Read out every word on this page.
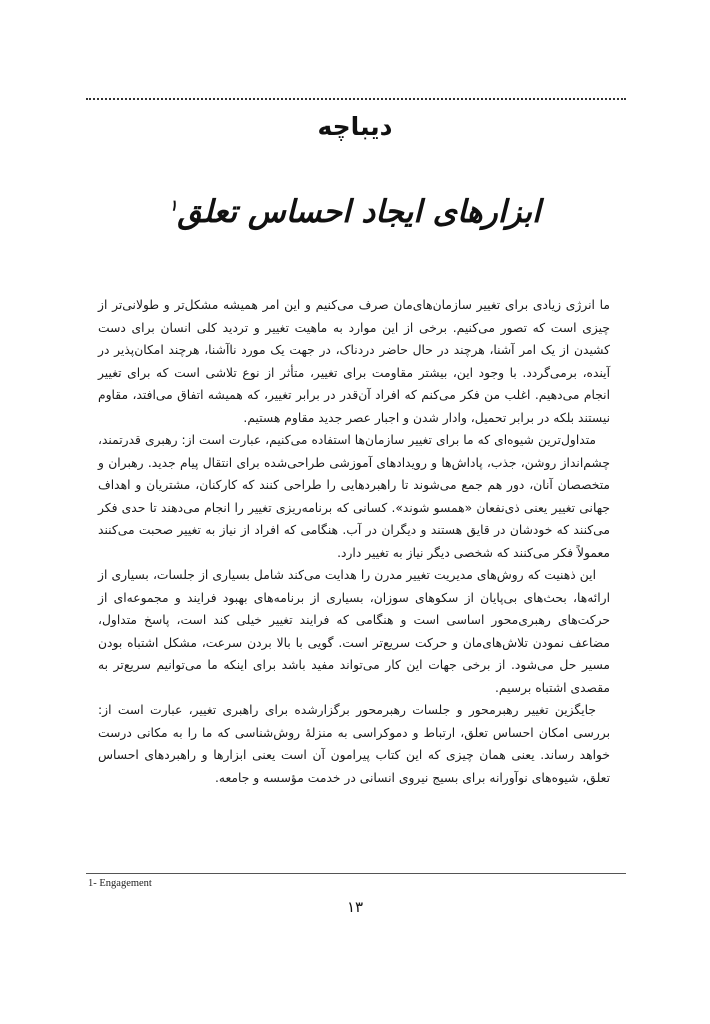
دیباچه
ابزارهای ایجاد احساس تعلق$^۱$

ما انرژی زیادی برای تغییر سازمان‌های‌مان صرف می‌کنیم و این امر همیشه مشکل‌تر و طولانی‌تر از چیزی است که تصور می‌کنیم. برخی از این موارد به ماهیت تغییر و تردید کلی انسان برای دست کشیدن از یک امر آشنا، هرچند در حال حاضر دردناک، در جهت یک مورد ناآشنا، هرچند امکان‌پذیر در آینده، برمی‌گردد. با وجود این، بیشتر مقاومت برای تغییر، متأثر از نوع تلاشی است که برای تغییر انجام می‌دهیم. اغلب من فکر می‌کنم که افراد آن‌قدر در برابر تغییر، که همیشه اتفاق می‌افتد، مقاوم نیستند بلکه در برابر تحمیل، وادار شدن و اجبار عصر جدید مقاوم هستیم.

متداول‌ترین شیوه‌ای که ما برای تغییر سازمان‌ها استفاده می‌کنیم، عبارت است از: رهبری قدرتمند، چشم‌انداز روشن، جذب، پاداش‌ها و رویدادهای آموزشی طراحی‌شده برای انتقال پیام جدید. رهبران و متخصصان آنان، دور هم جمع می‌شوند تا راهبردهایی را طراحی کنند که کارکنان، مشتریان و اهداف جهانی تغییر یعنی ذی‌نفعان «همسو شوند». کسانی که برنامه‌ریزی تغییر را انجام می‌دهند تا حدی فکر می‌کنند که خودشان در قایق هستند و دیگران در آب. هنگامی که افراد از نیاز به تغییر صحبت می‌کنند معمولاً فکر می‌کنند که شخصی دیگر نیاز به تغییر دارد.

این ذهنیت که روش‌های مدیریت تغییر مدرن را هدایت می‌کند شامل بسیاری از جلسات، بسیاری از ارائه‌ها، بحث‌های بی‌پایان از سکوهای سوزان، بسیاری از برنامه‌های بهبود فرایند و مجموعه‌ای از حرکت‌های رهبری‌محور اساسی است و هنگامی که فرایند تغییر خیلی کند است، پاسخ متداول، مضاعف نمودن تلاش‌های‌مان و حرکت سریع‌تر است. گویی با بالا بردن سرعت، مشکل اشتباه بودن مسیر حل می‌شود. از برخی جهات این کار می‌تواند مفید باشد برای اینکه ما می‌توانیم سریع‌تر به مقصدی اشتباه برسیم.

جایگزین تغییر رهبرمحور و جلسات رهبرمحور برگزارشده برای راهبری تغییر، عبارت است از: بررسی امکان احساس تعلق، ارتباط و دموکراسی به منزلهٔ روش‌شناسی که ما را به مکانی درست خواهد رساند. یعنی همان چیزی که این کتاب پیرامون آن است یعنی ابزارها و راهبردهای احساس تعلق، شیوه‌های نوآورانه برای بسیج نیروی انسانی در خدمت مؤسسه و جامعه.

1- Engagement
۱۳
